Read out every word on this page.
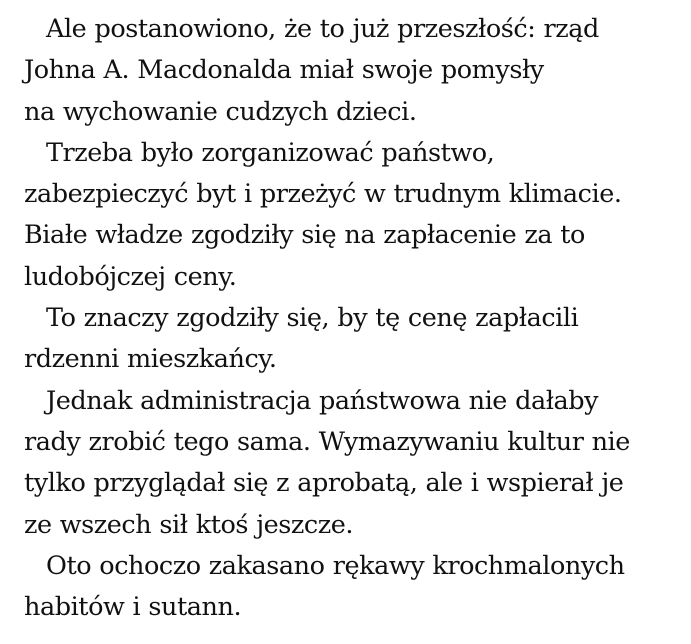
Ale postanowiono, że to już przeszłość: rząd
Johna A. Macdonalda miał swoje pomysły
na wychowanie cudzych dzieci.
Trzeba było zorganizować państwo,
zabezpieczyć byt i przeżyć w trudnym klimacie.
Białe władze zgodziły się na zapłacenie za to
ludobójczej ceny.
To znaczy zgodziły się, by tę cenę zapłacili
rdzenni mieszkańcy.
Jednak administracja państwowa nie dałaby
rady zrobić tego sama. Wymazywaniu kultur nie
tylko przyglądał się z aprobatą, ale i wspierał je
ze wszech sił ktoś jeszcze.
Oto ochoczo zakasano rękawy krochmalonych
habitów i sutann.
